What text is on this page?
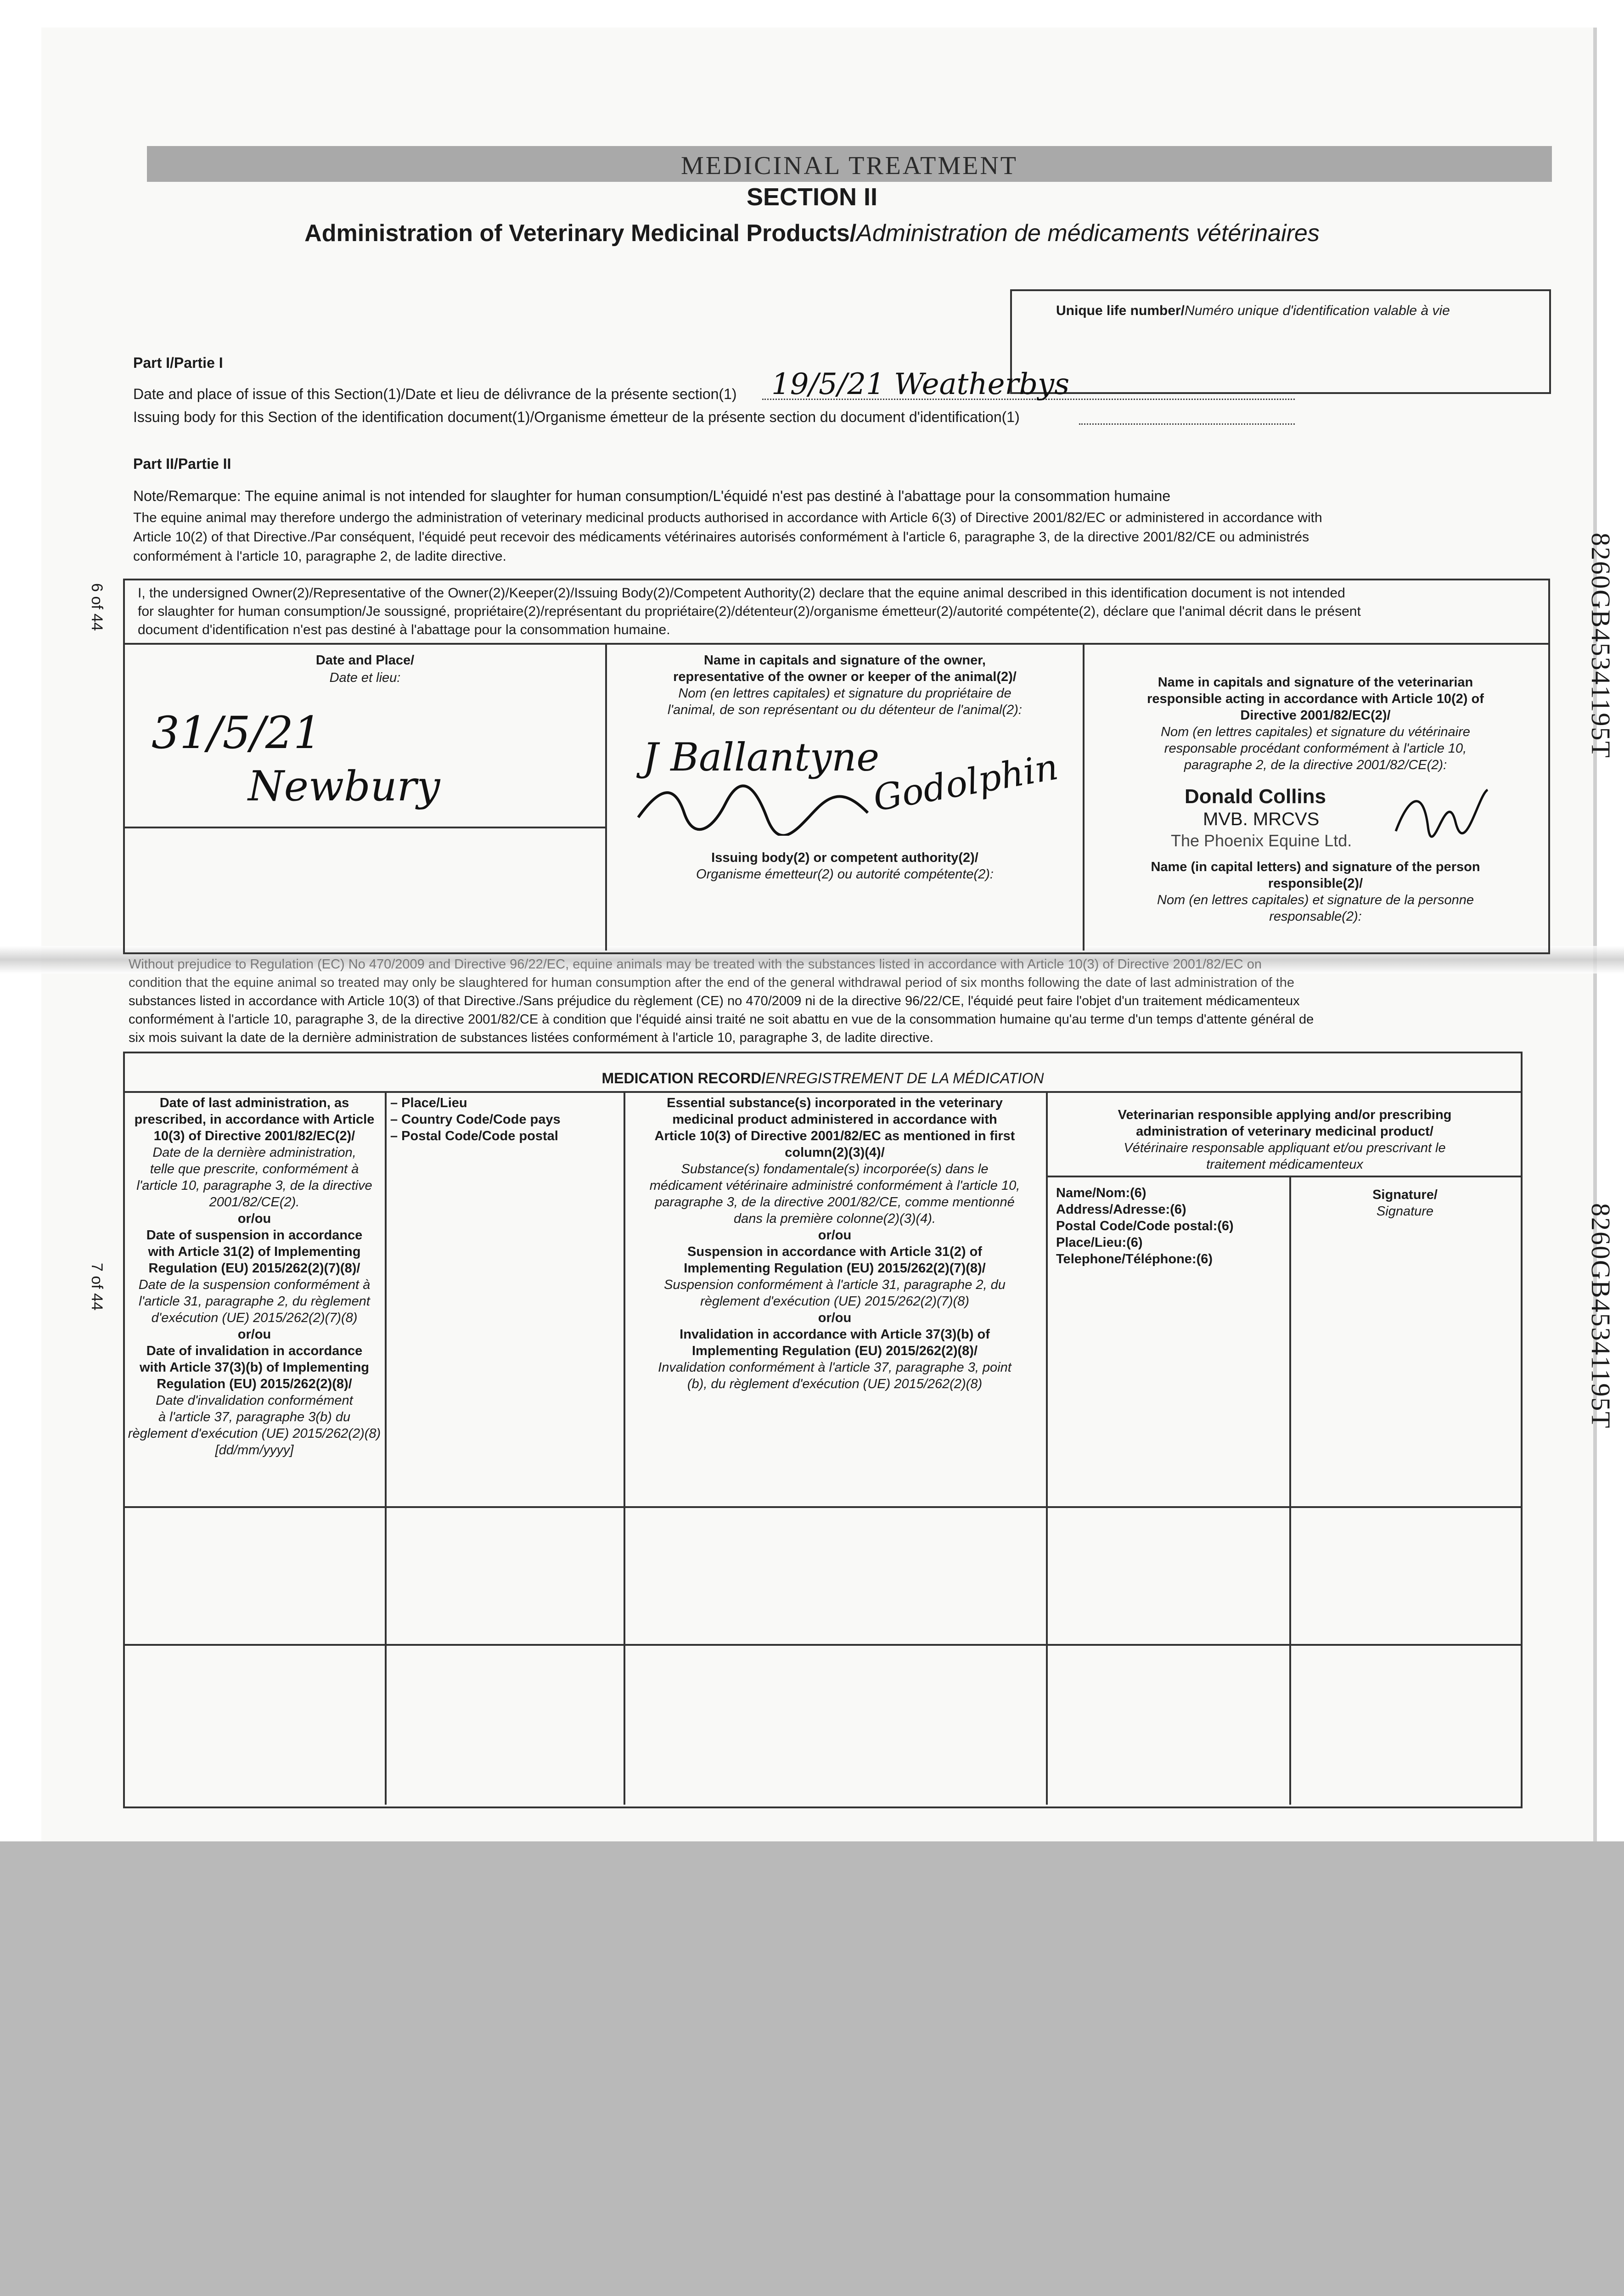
MEDICINAL TREATMENT
SECTION II
Administration of Veterinary Medicinal Products/Administration de médicaments vétérinaires
Unique life number/Numéro unique d'identification valable à vie
Part I/Partie I
Date and place of issue of this Section(1)/Date et lieu de délivrance de la présente section(1)	19/5/21 Weatherbys
Issuing body for this Section of the identification document(1)/Organisme émetteur de la présente section du document d'identification(1)
Part II/Partie II
Note/Remarque: The equine animal is not intended for slaughter for human consumption/L'équidé n'est pas destiné à l'abattage pour la consommation humaine
The equine animal may therefore undergo the administration of veterinary medicinal products authorised in accordance with Article 6(3) of Directive 2001/82/EC or administered in accordance with
Article 10(2) of that Directive./Par conséquent, l'équidé peut recevoir des médicaments vétérinaires autorisés conformément à l'article 6, paragraphe 3, de la directive 2001/82/CE ou administrés
conformément à l'article 10, paragraphe 2, de ladite directive.
I, the undersigned Owner(2)/Representative of the Owner(2)/Keeper(2)/Issuing Body(2)/Competent Authority(2) declare that the equine animal described in this identification document is not intended
for slaughter for human consumption/Je soussigné, propriétaire(2)/représentant du propriétaire(2)/détenteur(2)/organisme émetteur(2)/autorité compétente(2), déclare que l'animal décrit dans le présent
document d'identification n'est pas destiné à l'abattage pour la consommation humaine.
Date and Place/
Date et lieu:
31/5/21
Newbury
Name in capitals and signature of the owner,
representative of the owner or keeper of the animal(2)/
Nom (en lettres capitales) et signature du propriétaire de
l'animal, de son représentant ou du détenteur de l'animal(2):
J Ballantyne
Godolphin
Issuing body(2) or competent authority(2)/
Organisme émetteur(2) ou autorité compétente(2):
Name in capitals and signature of the veterinarian
responsible acting in accordance with Article 10(2) of
Directive 2001/82/EC(2)/
Nom (en lettres capitales) et signature du vétérinaire
responsable procédant conformément à l'article 10,
paragraphe 2, de la directive 2001/82/CE(2):
Donald Collins
MVB. MRCVS
The Phoenix Equine Ltd.
Name (in capital letters) and signature of the person
responsible(2)/
Nom (en lettres capitales) et signature de la personne
responsable(2):
Without prejudice to Regulation (EC) No 470/2009 and Directive 96/22/EC, equine animals may be treated with the substances listed in accordance with Article 10(3) of Directive 2001/82/EC on
condition that the equine animal so treated may only be slaughtered for human consumption after the end of the general withdrawal period of six months following the date of last administration of the
substances listed in accordance with Article 10(3) of that Directive./Sans préjudice du règlement (CE) no 470/2009 ni de la directive 96/22/CE, l'équidé peut faire l'objet d'un traitement médicamenteux
conformément à l'article 10, paragraphe 3, de la directive 2001/82/CE à condition que l'équidé ainsi traité ne soit abattu en vue de la consommation humaine qu'au terme d'un temps d'attente général de
six mois suivant la date de la dernière administration de substances listées conformément à l'article 10, paragraphe 3, de ladite directive.
MEDICATION RECORD/ENREGISTREMENT DE LA MÉDICATION
Date of last administration, as
prescribed, in accordance with Article
10(3) of Directive 2001/82/EC(2)/
Date de la dernière administration,
telle que prescrite, conformément à
l'article 10, paragraphe 3, de la directive
2001/82/CE(2).
or/ou
Date of suspension in accordance
with Article 31(2) of Implementing
Regulation (EU) 2015/262(2)(7)(8)/
Date de la suspension conformément à
l'article 31, paragraphe 2, du règlement
d'exécution (UE) 2015/262(2)(7)(8)
or/ou
Date of invalidation in accordance
with Article 37(3)(b) of Implementing
Regulation (EU) 2015/262(2)(8)/
Date d'invalidation conformément
à l'article 37, paragraphe 3(b) du
règlement d'exécution (UE) 2015/262(2)(8)
[dd/mm/yyyy]
– Place/Lieu
– Country Code/Code pays
– Postal Code/Code postal
Essential substance(s) incorporated in the veterinary
medicinal product administered in accordance with
Article 10(3) of Directive 2001/82/EC as mentioned in first
column(2)(3)(4)/
Substance(s) fondamentale(s) incorporée(s) dans le
médicament vétérinaire administré conformément à l'article 10,
paragraphe 3, de la directive 2001/82/CE, comme mentionné
dans la première colonne(2)(3)(4).
or/ou
Suspension in accordance with Article 31(2) of
Implementing Regulation (EU) 2015/262(2)(7)(8)/
Suspension conformément à l'article 31, paragraphe 2, du
règlement d'exécution (UE) 2015/262(2)(7)(8)
or/ou
Invalidation in accordance with Article 37(3)(b) of
Implementing Regulation (EU) 2015/262(2)(8)/
Invalidation conformément à l'article 37, paragraphe 3, point
(b), du règlement d'exécution (UE) 2015/262(2)(8)
Veterinarian responsible applying and/or prescribing
administration of veterinary medicinal product/
Vétérinaire responsable appliquant et/ou prescrivant le
traitement médicamenteux
Name/Nom:(6)
Address/Adresse:(6)
Postal Code/Code postal:(6)
Place/Lieu:(6)
Telephone/Téléphone:(6)
Signature/
Signature
6 of 44
7 of 44
8260GB45341195T
8260GB45341195T
